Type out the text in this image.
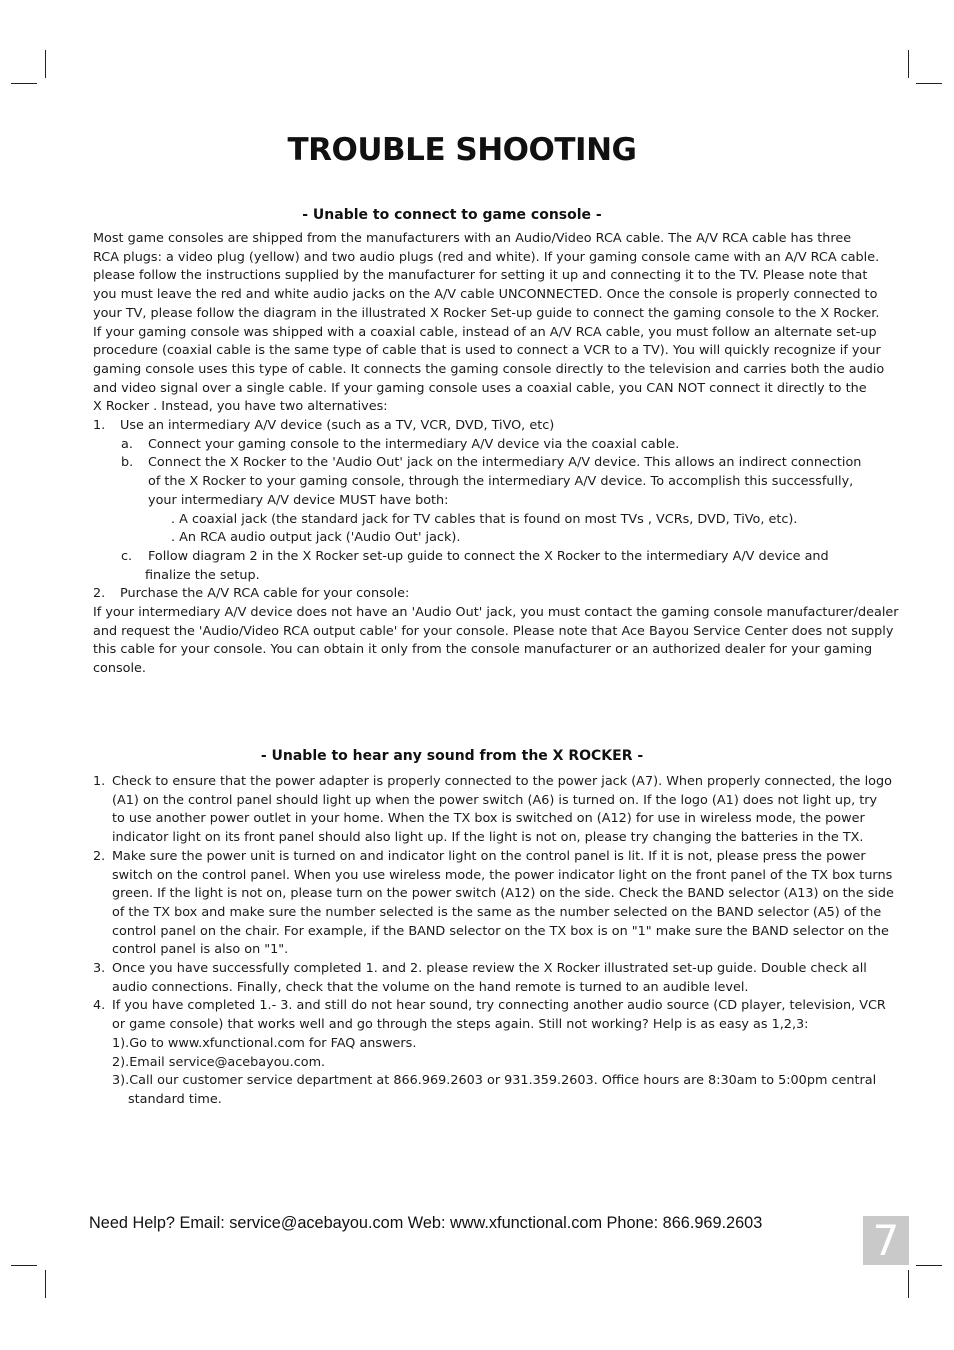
TROUBLE SHOOTING
- Unable to connect to game console -
Most game consoles are shipped from the manufacturers with an Audio/Video RCA cable. The A/V RCA cable has three
RCA plugs: a video plug (yellow) and two audio plugs (red and white). If your gaming console came with an A/V RCA cable.
please follow the instructions supplied by the manufacturer for setting it up and connecting it to the TV. Please note that
you must leave the red and white audio jacks on the A/V cable UNCONNECTED. Once the console is properly connected to
your TV, please follow the diagram in the illustrated X Rocker Set-up guide to connect the gaming console to the X Rocker.
If your gaming console was shipped with a coaxial cable, instead of an A/V RCA cable, you must follow an alternate set-up
procedure (coaxial cable is the same type of cable that is used to connect a VCR to a TV). You will quickly recognize if your
gaming console uses this type of cable. It connects the gaming console directly to the television and carries both the audio
and video signal over a single cable. If your gaming console uses a coaxial cable, you CAN NOT connect it directly to the
X Rocker . Instead, you have two alternatives:
1. Use an intermediary A/V device (such as a TV, VCR, DVD, TiVO, etc)
a. Connect your gaming console to the intermediary A/V device via the coaxial cable.
b. Connect the X Rocker to the 'Audio Out' jack on the intermediary A/V device. This allows an indirect connection
of the X Rocker to your gaming console, through the intermediary A/V device. To accomplish this successfully,
your intermediary A/V device MUST have both:
. A coaxial jack (the standard jack for TV cables that is found on most TVs , VCRs, DVD, TiVo, etc).
. An RCA audio output jack ('Audio Out' jack).
c. Follow diagram 2 in the X Rocker set-up guide to connect the X Rocker to the intermediary A/V device and
finalize the setup.
2. Purchase the A/V RCA cable for your console:
If your intermediary A/V device does not have an 'Audio Out' jack, you must contact the gaming console manufacturer/dealer
and request the 'Audio/Video RCA output cable' for your console. Please note that Ace Bayou Service Center does not supply
this cable for your console. You can obtain it only from the console manufacturer or an authorized dealer for your gaming
console.
- Unable to hear any sound from the X ROCKER -
1. Check to ensure that the power adapter is properly connected to the power jack (A7). When properly connected, the logo
(A1) on the control panel should light up when the power switch (A6) is turned on. If the logo (A1) does not light up, try
to use another power outlet in your home. When the TX box is switched on (A12) for use in wireless mode, the power
indicator light on its front panel should also light up. If the light is not on, please try changing the batteries in the TX.
2. Make sure the power unit is turned on and indicator light on the control panel is lit. If it is not, please press the power
switch on the control panel. When you use wireless mode, the power indicator light on the front panel of the TX box turns
green. If the light is not on, please turn on the power switch (A12) on the side. Check the BAND selector (A13) on the side
of the TX box and make sure the number selected is the same as the number selected on the BAND selector (A5) of the
control panel on the chair. For example, if the BAND selector on the TX box is on "1" make sure the BAND selector on the
control panel is also on "1".
3. Once you have successfully completed 1. and 2. please review the X Rocker illustrated set-up guide. Double check all
audio connections. Finally, check that the volume on the hand remote is turned to an audible level.
4. If you have completed 1.- 3. and still do not hear sound, try connecting another audio source (CD player, television, VCR
or game console) that works well and go through the steps again. Still not working? Help is as easy as 1,2,3:
1).Go to www.xfunctional.com for FAQ answers.
2).Email service@acebayou.com.
3).Call our customer service department at 866.969.2603 or 931.359.2603. Office hours are 8:30am to 5:00pm central
standard time.
Need Help? Email: service@acebayou.com Web: www.xfunctional.com Phone: 866.969.2603	7
